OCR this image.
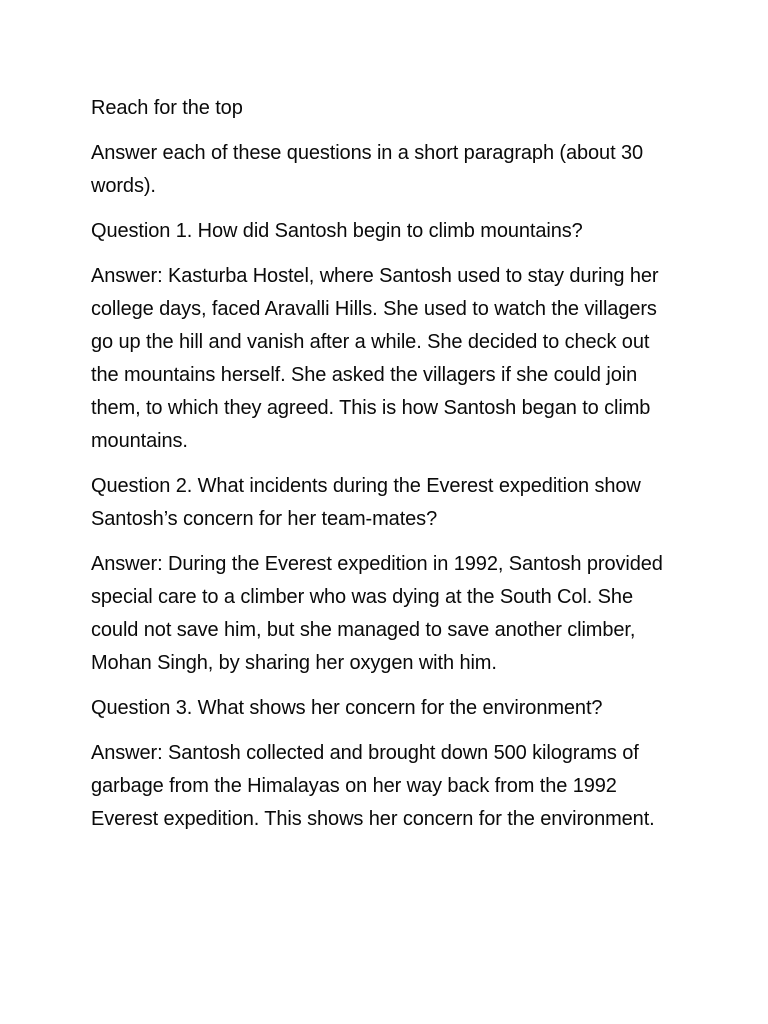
Reach for the top

Answer each of these questions in a short paragraph (about 30 words).

Question 1. How did Santosh begin to climb mountains?

Answer: Kasturba Hostel, where Santosh used to stay during her college days, faced Aravalli Hills. She used to watch the villagers go up the hill and vanish after a while. She decided to check out the mountains herself. She asked the villagers if she could join them, to which they agreed. This is how Santosh began to climb mountains.

Question 2. What incidents during the Everest expedition show Santosh’s concern for her team-mates?

Answer: During the Everest expedition in 1992, Santosh provided special care to a climber who was dying at the South Col. She could not save him, but she managed to save another climber, Mohan Singh, by sharing her oxygen with him.

Question 3. What shows her concern for the environment?

Answer: Santosh collected and brought down 500 kilograms of garbage from the Himalayas on her way back from the 1992 Everest expedition. This shows her concern for the environment.
